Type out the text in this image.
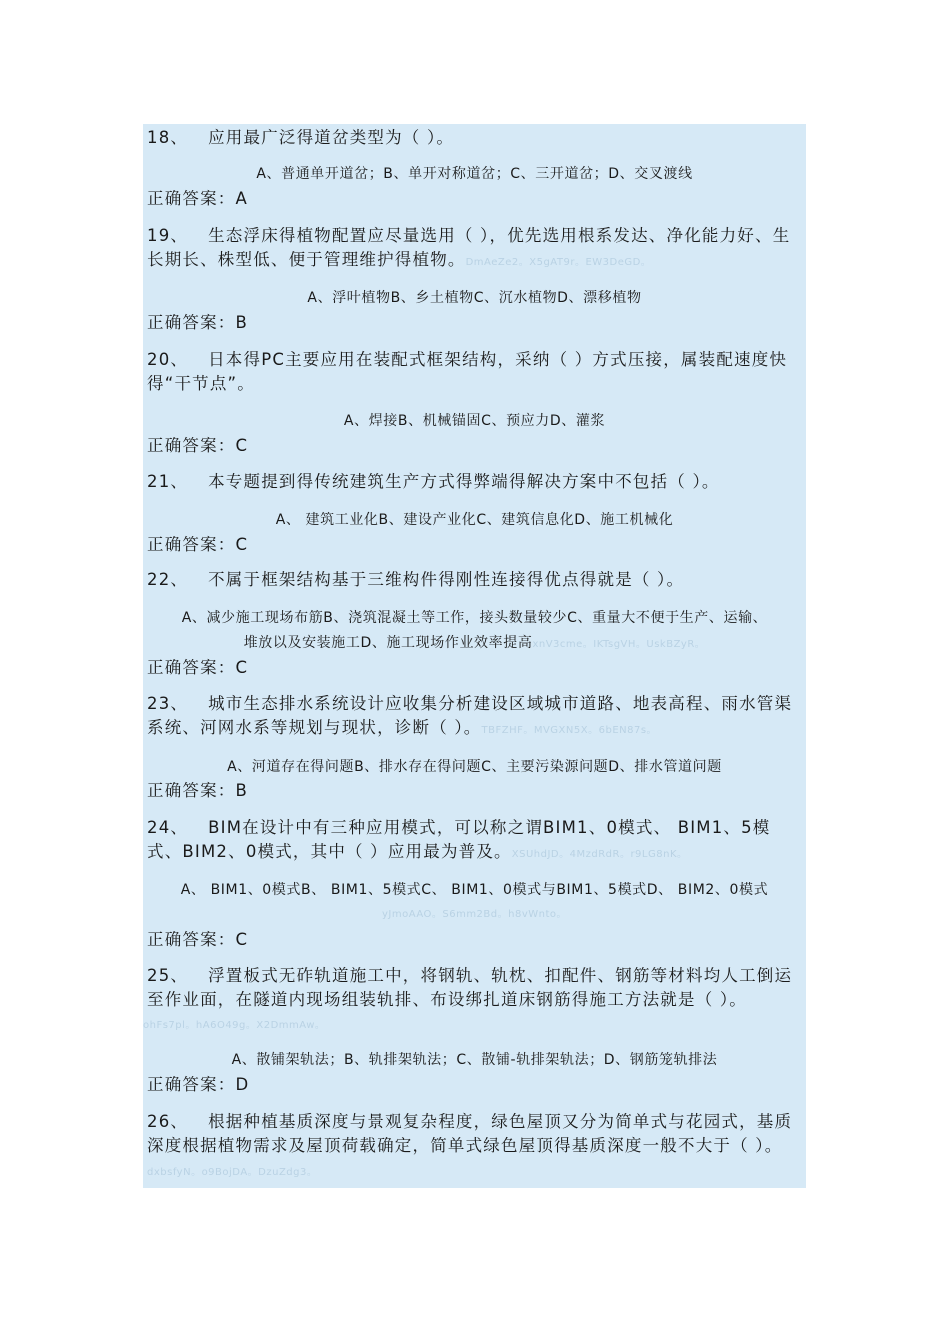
18、 应用最广泛得道岔类型为（ ）。
A、普通单开道岔；B、单开对称道岔；C、三开道岔；D、交叉渡线
正确答案：A
19、 生态浮床得植物配置应尽量选用（ ），优先选用根系发达、净化能力好、生长期长、株型低、便于管理维护得植物。DmAeZe2。X5gAT9r。EW3DeGD。
A、浮叶植物B、乡土植物C、沉水植物D、漂移植物
正确答案：B
20、 日本得PC主要应用在装配式框架结构，采纳（ ）方式压接，属装配速度快得“干节点”。
A、焊接B、机械锚固C、预应力D、灌浆
正确答案：C
21、 本专题提到得传统建筑生产方式得弊端得解决方案中不包括（ ）。
A、 建筑工业化B、建设产业化C、建筑信息化D、施工机械化
正确答案：C
22、 不属于框架结构基于三维构件得刚性连接得优点得就是（ ）。
A、减少施工现场布筋B、浇筑混凝土等工作，接头数量较少C、重量大不便于生产、运输、
堆放以及安装施工D、施工现场作业效率提高xnV3cme。IKTsgVH。UskBZyR。
正确答案：C
23、 城市生态排水系统设计应收集分析建设区域城市道路、地表高程、雨水管渠系统、河网水系等规划与现状，诊断（ ）。TBFZHF。MVGXN5X。6bEN87s。
A、河道存在得问题B、排水存在得问题C、主要污染源问题D、排水管道问题
正确答案：B
24、 BIM在设计中有三种应用模式，可以称之谓BIM1、0模式、 BIM1、5模式、BIM2、0模式，其中（ ）应用最为普及。XSUhdJD。4MzdRdR。r9LG8nK。
A、 BIM1、0模式B、 BIM1、5模式C、 BIM1、0模式与BIM1、5模式D、 BIM2、0模式
yJmoAAO。S6mm2Bd。h8vWnto。
正确答案：C
25、 浮置板式无砟轨道施工中，将钢轨、轨枕、扣配件、钢筋等材料均人工倒运至作业面，在隧道内现场组装轨排、布设绑扎道床钢筋得施工方法就是（ ）。
ohFs7pl。hA6O49g。X2DmmAw。
A、散铺架轨法；B、轨排架轨法；C、散铺-轨排架轨法；D、钢筋笼轨排法
正确答案：D
26、 根据种植基质深度与景观复杂程度，绿色屋顶又分为简单式与花园式，基质深度根据植物需求及屋顶荷载确定，简单式绿色屋顶得基质深度一般不大于（ ）。dxbsfyN。o9BojDA。DzuZdg3。
